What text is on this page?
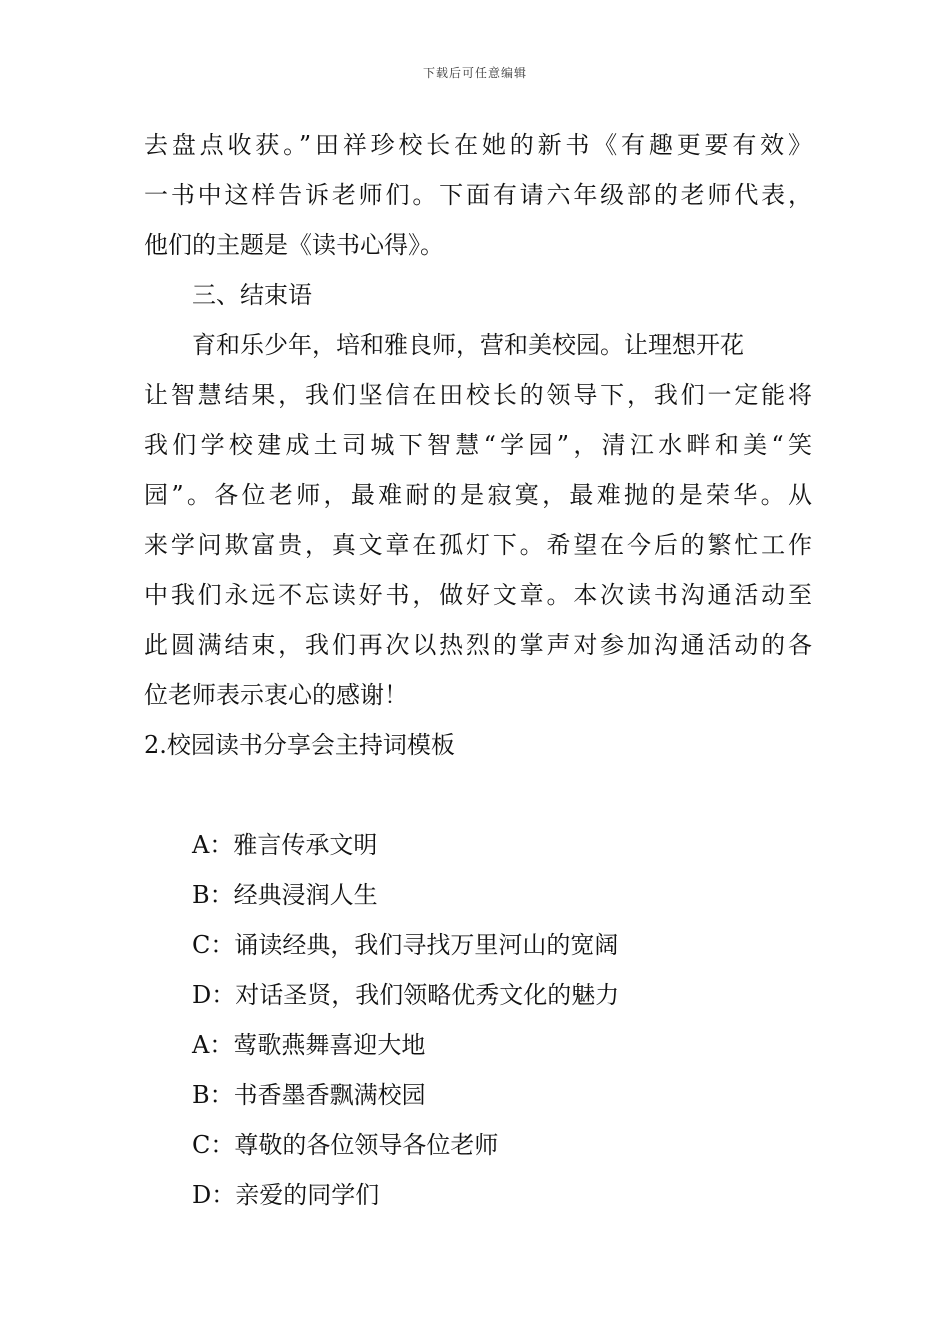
下载后可任意编辑
去盘点收获。”田祥珍校长在她的新书《有趣更要有效》
一书中这样告诉老师们。下面有请六年级部的老师代表，
他们的主题是《读书心得》。
三、结束语
育和乐少年，培和雅良师，营和美校园。让理想开花
让智慧结果，我们坚信在田校长的领导下，我们一定能将
我们学校建成土司城下智慧“学园”，清江水畔和美“笑
园”。各位老师，最难耐的是寂寞，最难抛的是荣华。从
来学问欺富贵，真文章在孤灯下。希望在今后的繁忙工作
中我们永远不忘读好书，做好文章。本次读书沟通活动至
此圆满结束，我们再次以热烈的掌声对参加沟通活动的各
位老师表示衷心的感谢！
2.校园读书分享会主持词模板
A：雅言传承文明
B：经典浸润人生
C：诵读经典，我们寻找万里河山的宽阔
D：对话圣贤，我们领略优秀文化的魅力
A：莺歌燕舞喜迎大地
B：书香墨香飘满校园
C：尊敬的各位领导各位老师
D：亲爱的同学们
